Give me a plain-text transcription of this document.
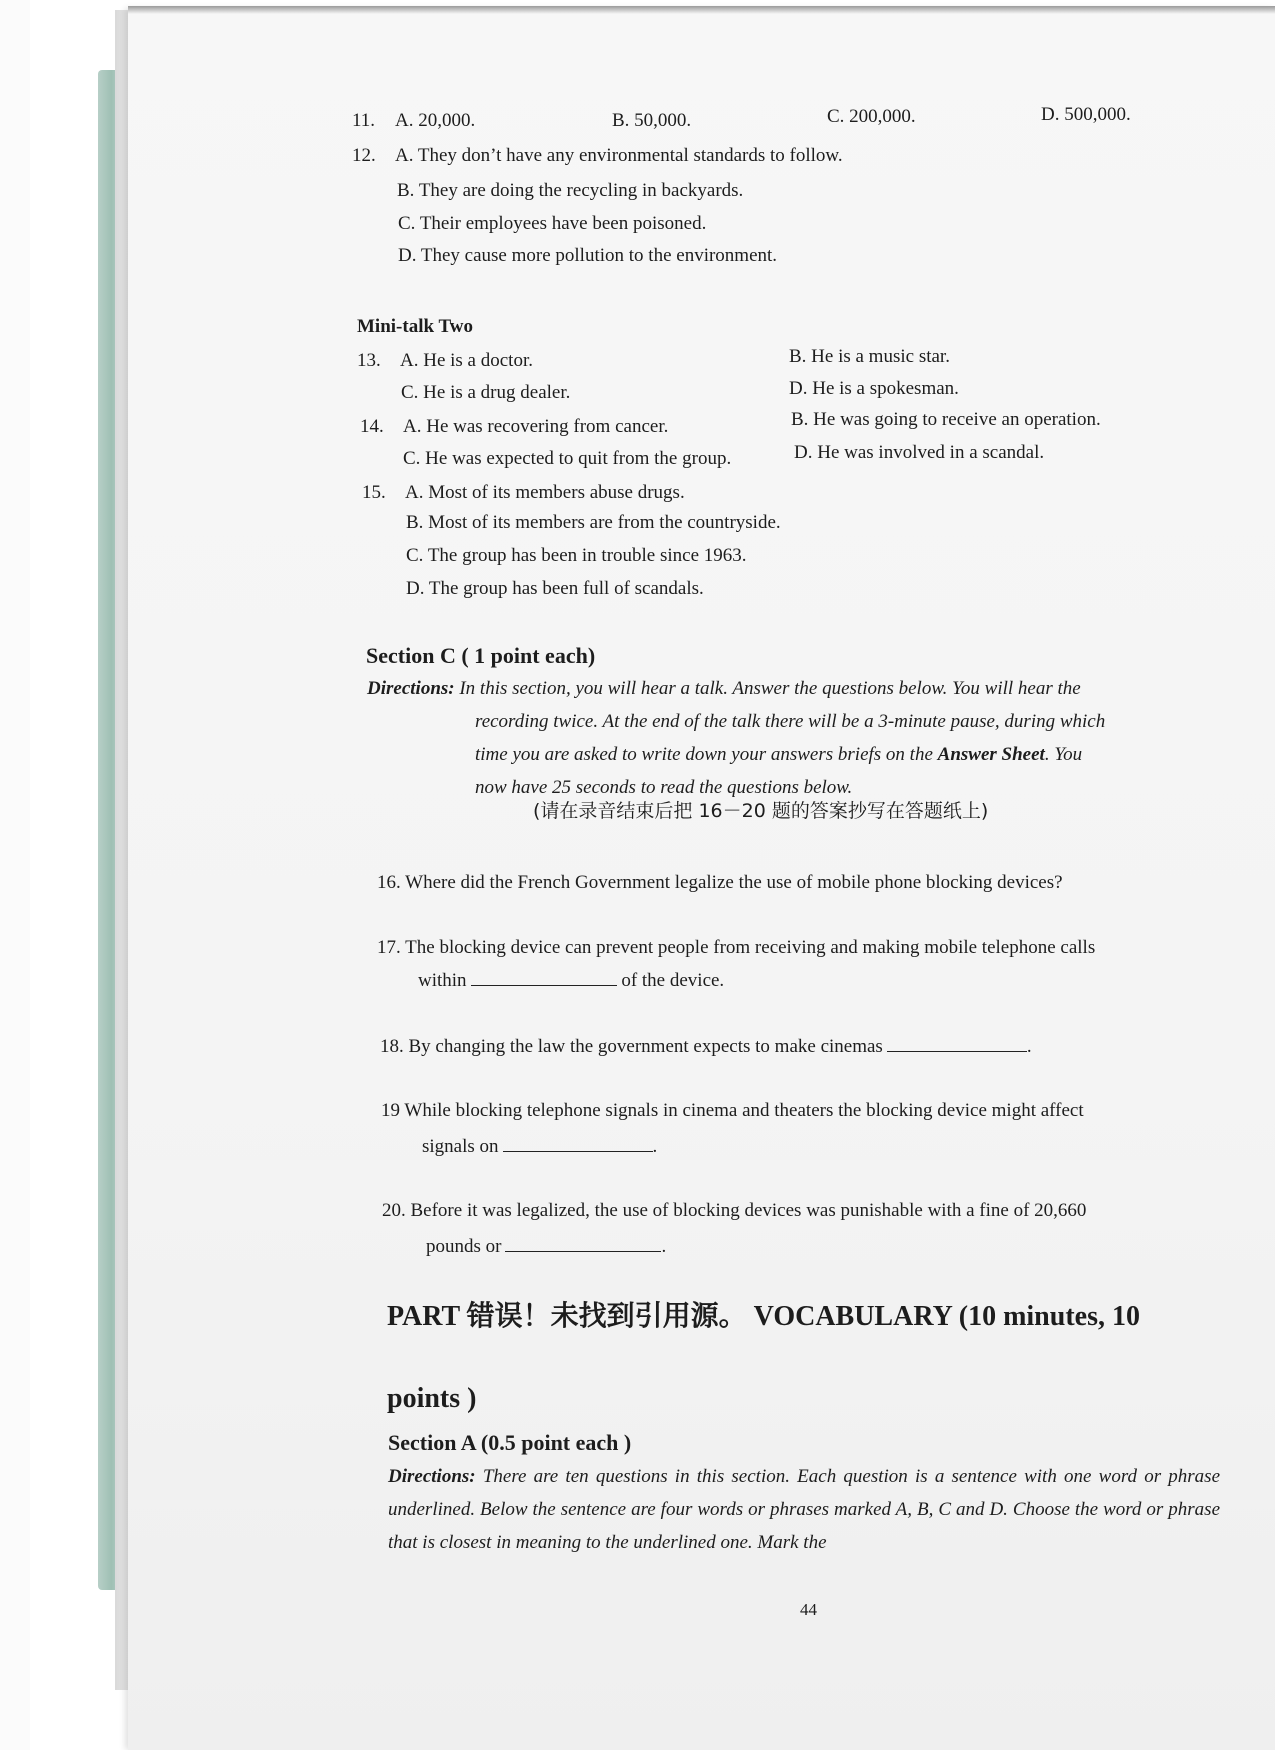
11. A. 20,000.	B. 50,000.	C. 200,000.	D. 500,000.
12. A. They don’t have any environmental standards to follow.
B. They are doing the recycling in backyards.
C. Their employees have been poisoned.
D. They cause more pollution to the environment.
Mini-talk Two
13. A. He is a doctor.	B. He is a music star.
C. He is a drug dealer.	D. He is a spokesman.
14. A. He was recovering from cancer.	B. He was going to receive an operation.
C. He was expected to quit from the group.	D. He was involved in a scandal.
15. A. Most of its members abuse drugs.
B. Most of its members are from the countryside.
C. The group has been in trouble since 1963.
D. The group has been full of scandals.
Section C ( 1 point each)
Directions: In this section, you will hear a talk. Answer the questions below. You will hear the
recording twice. At the end of the talk there will be a 3-minute pause, during which
time you are asked to write down your answers briefs on the Answer Sheet. You
now have 25 seconds to read the questions below.
(请在录音结束后把 16－20 题的答案抄写在答题纸上)
16. Where did the French Government legalize the use of mobile phone blocking devices?
17. The blocking device can prevent people from receiving and making mobile telephone calls
within	of the device.
18. By changing the law the government expects to make cinemas	.
19 While blocking telephone signals in cinema and theaters the blocking device might affect
signals on	.
20. Before it was legalized, the use of blocking devices was punishable with a fine of 20,660
pounds or	.
PART 错误！未找到引用源。 VOCABULARY (10 minutes, 10
points )
Section A (0.5 point each )
Directions: There are ten questions in this section. Each question is a sentence with one word or phrase underlined. Below the sentence are four words or phrases marked A, B, C and D. Choose the word or phrase that is closest in meaning to the underlined one. Mark the
44
